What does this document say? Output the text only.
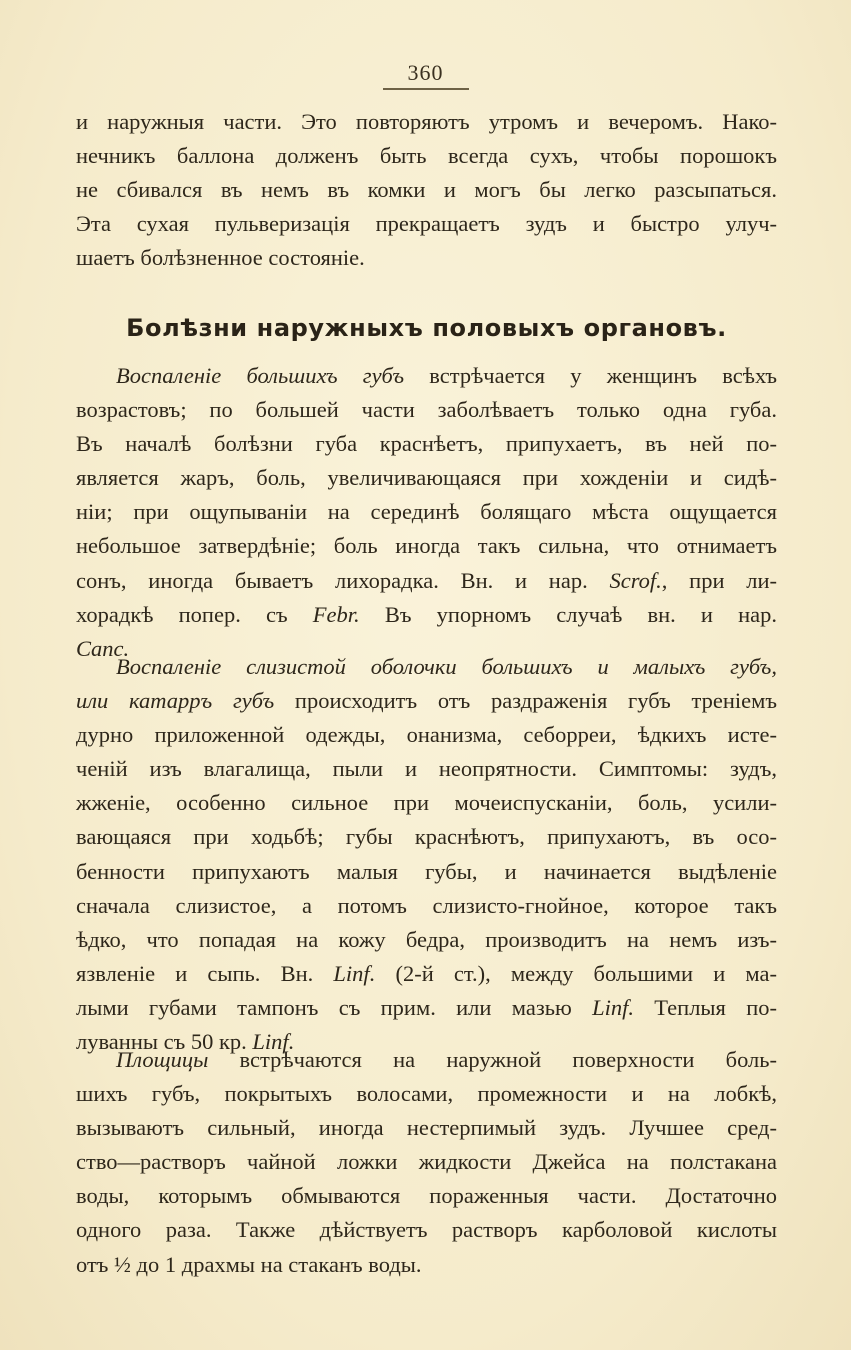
360
и наружныя части. Это повторяютъ утромъ и вечеромъ. Нако-
нечникъ баллона долженъ быть всегда сухъ, чтобы порошокъ
не сбивался въ немъ въ комки и могъ бы легко разсыпаться.
Эта сухая пульверизація прекращаетъ зудъ и быстро улуч-
шаетъ болѣзненное состояніе.
Болѣзни наружныхъ половыхъ органовъ.
Воспаленіе большихъ губъ встрѣчается у женщинъ всѣхъ
возрастовъ; по большей части заболѣваетъ только одна губа.
Въ началѣ болѣзни губа краснѣетъ, припухаетъ, въ ней по-
является жаръ, боль, увеличивающаяся при хожденіи и сидѣ-
ніи; при ощупываніи на серединѣ болящаго мѣста ощущается
небольшое затвердѣніе; боль иногда такъ сильна, что отнимаетъ
сонъ, иногда бываетъ лихорадка. Вн. и нар. Scrof., при ли-
хорадкѣ попер. съ Febr. Въ упорномъ случаѣ вн. и нар.
Canc.
Воспаленіе слизистой оболочки большихъ и малыхъ губъ,
или катарръ губъ происходитъ отъ раздраженія губъ треніемъ
дурно приложенной одежды, онанизма, себорреи, ѣдкихъ исте-
ченій изъ влагалища, пыли и неопрятности. Симптомы: зудъ,
жженіе, особенно сильное при мочеиспусканіи, боль, усили-
вающаяся при ходьбѣ; губы краснѣютъ, припухаютъ, въ осо-
бенности припухаютъ малыя губы, и начинается выдѣленіе
сначала слизистое, а потомъ слизисто-гнойное, которое такъ
ѣдко, что попадая на кожу бедра, производитъ на немъ изъ-
язвленіе и сыпь. Вн. Linf. (2-й ст.), между большими и ма-
лыми губами тампонъ съ прим. или мазью Linf. Теплыя по-
луванны съ 50 кр. Linf.
Площицы встрѣчаются на наружной поверхности боль-
шихъ губъ, покрытыхъ волосами, промежности и на лобкѣ,
вызываютъ сильный, иногда нестерпимый зудъ. Лучшее сред-
ство—растворъ чайной ложки жидкости Джейса на полстакана
воды, которымъ обмываются пораженныя части. Достаточно
одного раза. Также дѣйствуетъ растворъ карболовой кислоты
отъ ½ до 1 драхмы на стаканъ воды.
